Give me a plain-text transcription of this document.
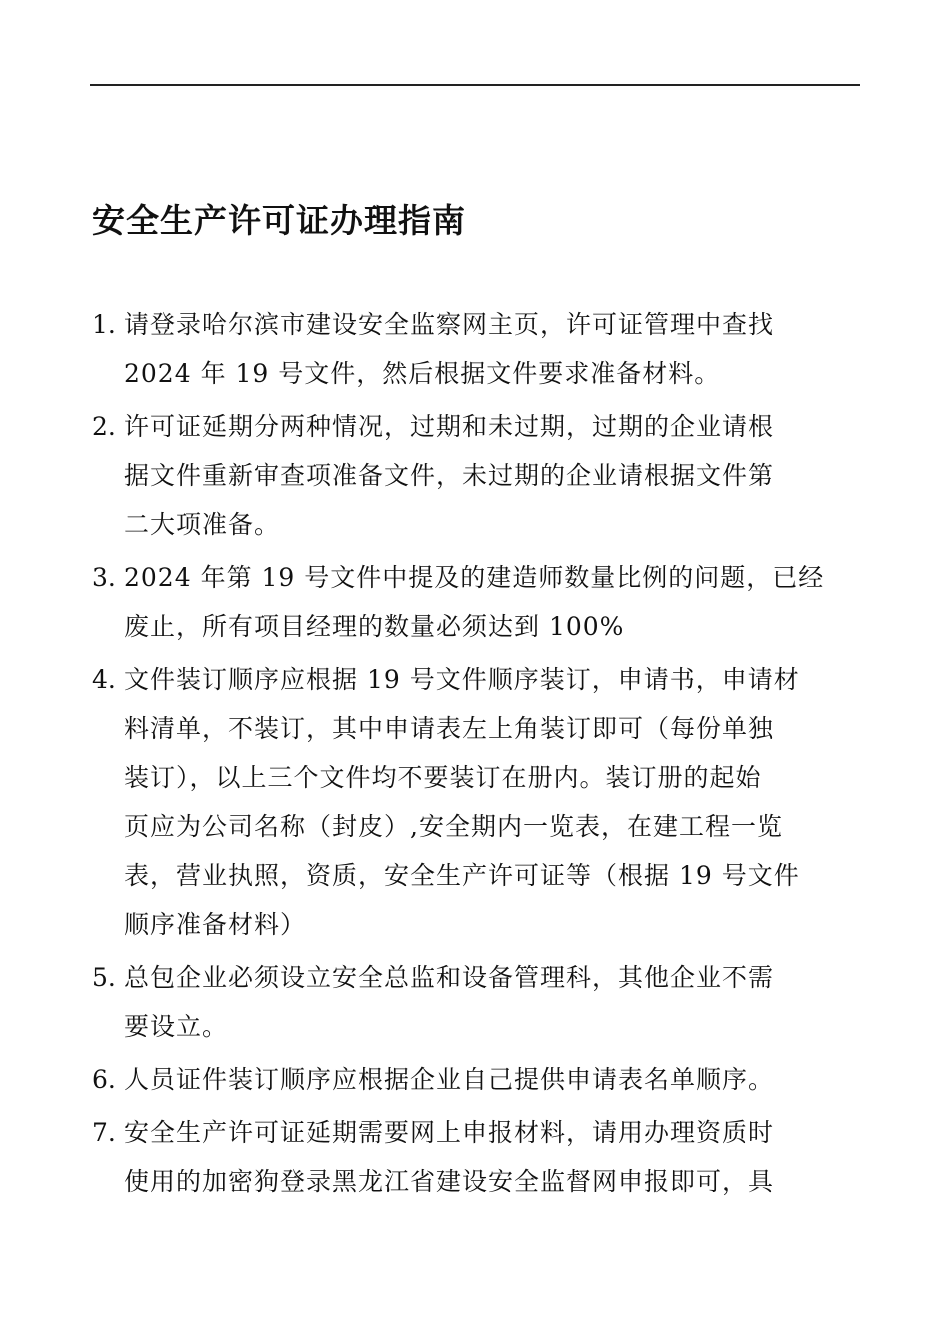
安全生产许可证办理指南
1. 请登录哈尔滨市建设安全监察网主页，许可证管理中查找
2024 年 19 号文件，然后根据文件要求准备材料。
2. 许可证延期分两种情况，过期和未过期，过期的企业请根
据文件重新审查项准备文件，未过期的企业请根据文件第
二大项准备。
3. 2024 年第 19 号文件中提及的建造师数量比例的问题，已经
废止，所有项目经理的数量必须达到 100%
4. 文件装订顺序应根据 19 号文件顺序装订，申请书，申请材
料清单，不装订，其中申请表左上角装订即可（每份单独
装订），以上三个文件均不要装订在册内。装订册的起始
页应为公司名称（封皮）,安全期内一览表，在建工程一览
表，营业执照，资质，安全生产许可证等（根据 19 号文件
顺序准备材料）
5. 总包企业必须设立安全总监和设备管理科，其他企业不需
要设立。
6. 人员证件装订顺序应根据企业自己提供申请表名单顺序。
7. 安全生产许可证延期需要网上申报材料，请用办理资质时
使用的加密狗登录黑龙江省建设安全监督网申报即可，具
